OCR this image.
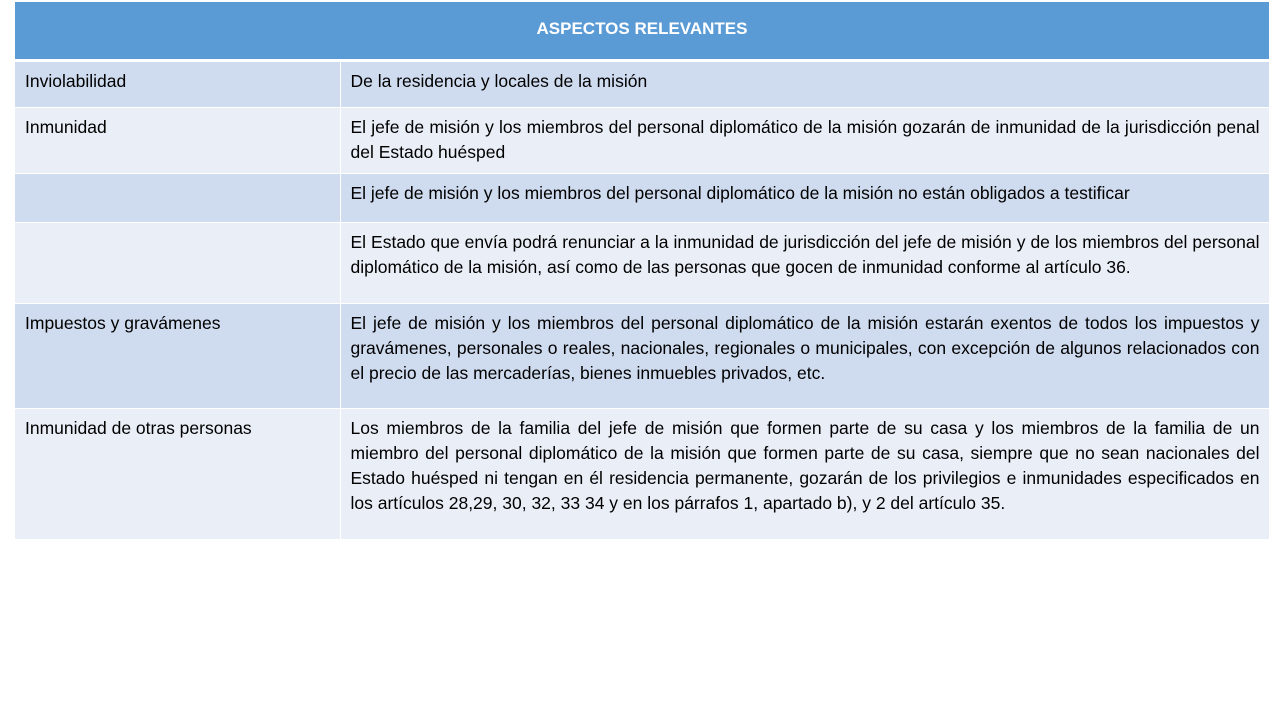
ASPECTOS RELEVANTES	
Inviolabilidad	De la residencia y locales de la misión
Inmunidad	El jefe de misión y los miembros del personal diplomático de la misión gozarán de inmunidad de la jurisdicción penal del Estado huésped
	El jefe de misión y los miembros del personal diplomático de la misión no están obligados a testificar
	El Estado que envía podrá renunciar a la inmunidad de jurisdicción del jefe de misión y de los miembros del personal diplomático de la misión, así como de las personas que gocen de inmunidad conforme al artículo 36.
Impuestos y gravámenes	El jefe de misión y los miembros del personal diplomático de la misión estarán exentos de todos los impuestos y gravámenes, personales o reales, nacionales, regionales o municipales, con excepción de algunos relacionados con el precio de las mercaderías, bienes inmuebles privados, etc.
Inmunidad de otras personas	Los miembros de la familia del jefe de misión que formen parte de su casa y los miembros de la familia de un miembro del personal diplomático de la misión que formen parte de su casa, siempre que no sean nacionales del Estado huésped ni tengan en él residencia permanente, gozarán de los privilegios e inmunidades especificados en los artículos 28,29, 30, 32, 33 34 y en los párrafos 1, apartado b), y 2 del artículo 35.
